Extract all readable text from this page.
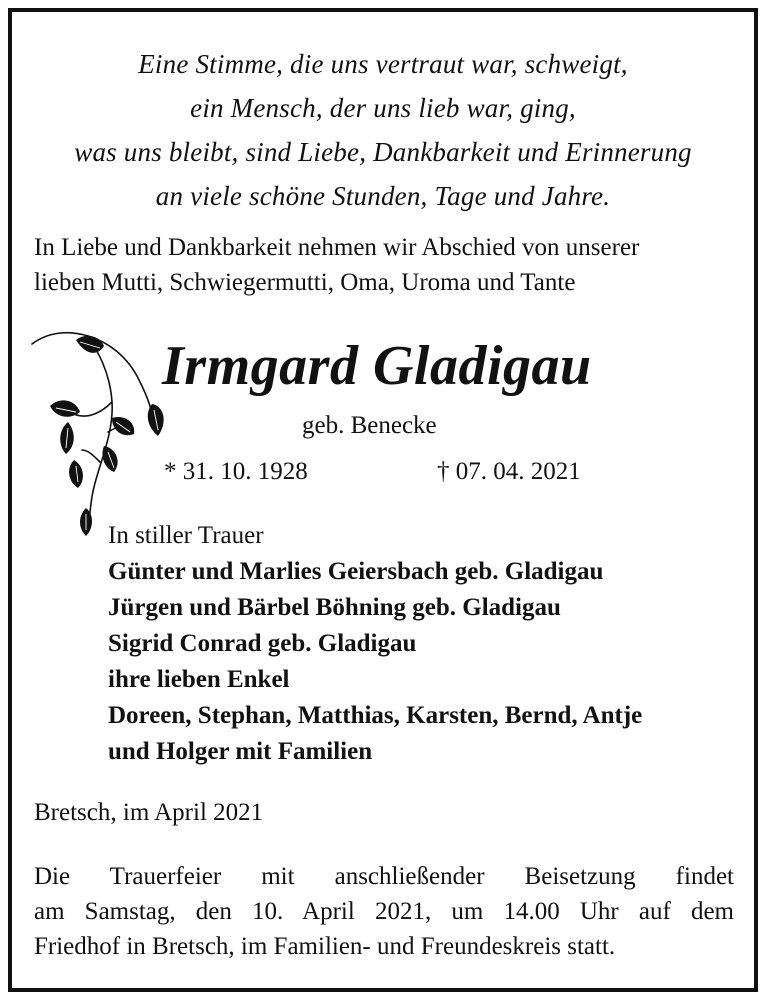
Eine Stimme, die uns vertraut war, schweigt,
ein Mensch, der uns lieb war, ging,
was uns bleibt, sind Liebe, Dankbarkeit und Erinnerung
an viele schöne Stunden, Tage und Jahre.
In Liebe und Dankbarkeit nehmen wir Abschied von unserer
lieben Mutti, Schwiegermutti, Oma, Uroma und Tante
Irmgard Gladigau
geb. Benecke
* 31. 10. 1928	† 07. 04. 2021
In stiller Trauer
Günter und Marlies Geiersbach geb. Gladigau
Jürgen und Bärbel Böhning geb. Gladigau
Sigrid Conrad geb. Gladigau
ihre lieben Enkel
Doreen, Stephan, Matthias, Karsten, Bernd, Antje
und Holger mit Familien
Bretsch, im April 2021
Die Trauerfeier mit anschließender Beisetzung findet
am Samstag, den 10. April 2021, um 14.00 Uhr auf dem
Friedhof in Bretsch, im Familien- und Freundeskreis statt.
